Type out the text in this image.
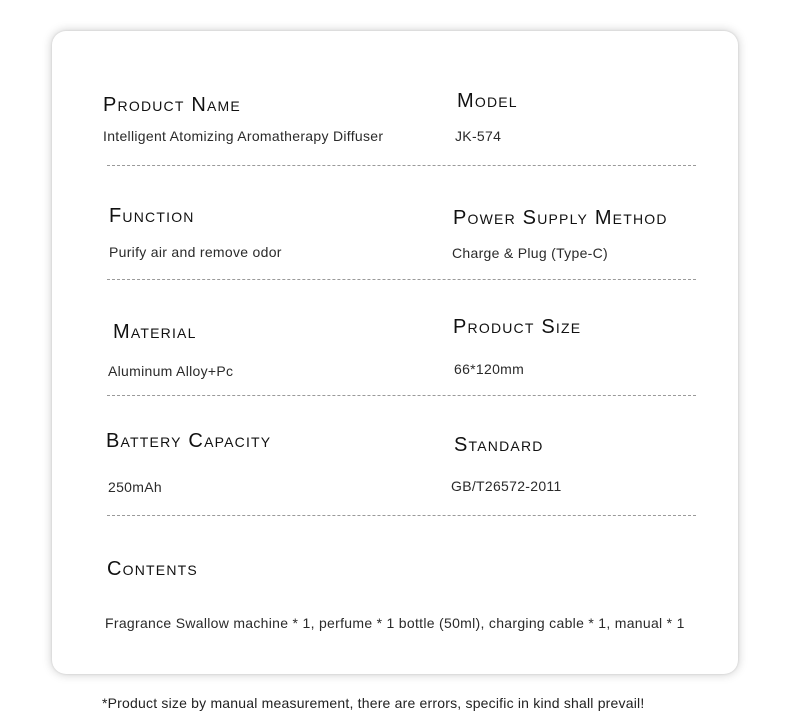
Product Name
Intelligent Atomizing Aromatherapy Diffuser
Model
JK-574
Function
Purify air and remove odor
Power Supply Method
Charge & Plug (Type-C)
Material
Aluminum Alloy+Pc
Product Size
66*120mm
Battery Capacity
250mAh
Standard
GB/T26572-2011
Contents
Fragrance Swallow machine * 1, perfume * 1 bottle (50ml), charging cable * 1, manual * 1
*Product size by manual measurement, there are errors, specific in kind shall prevail!
